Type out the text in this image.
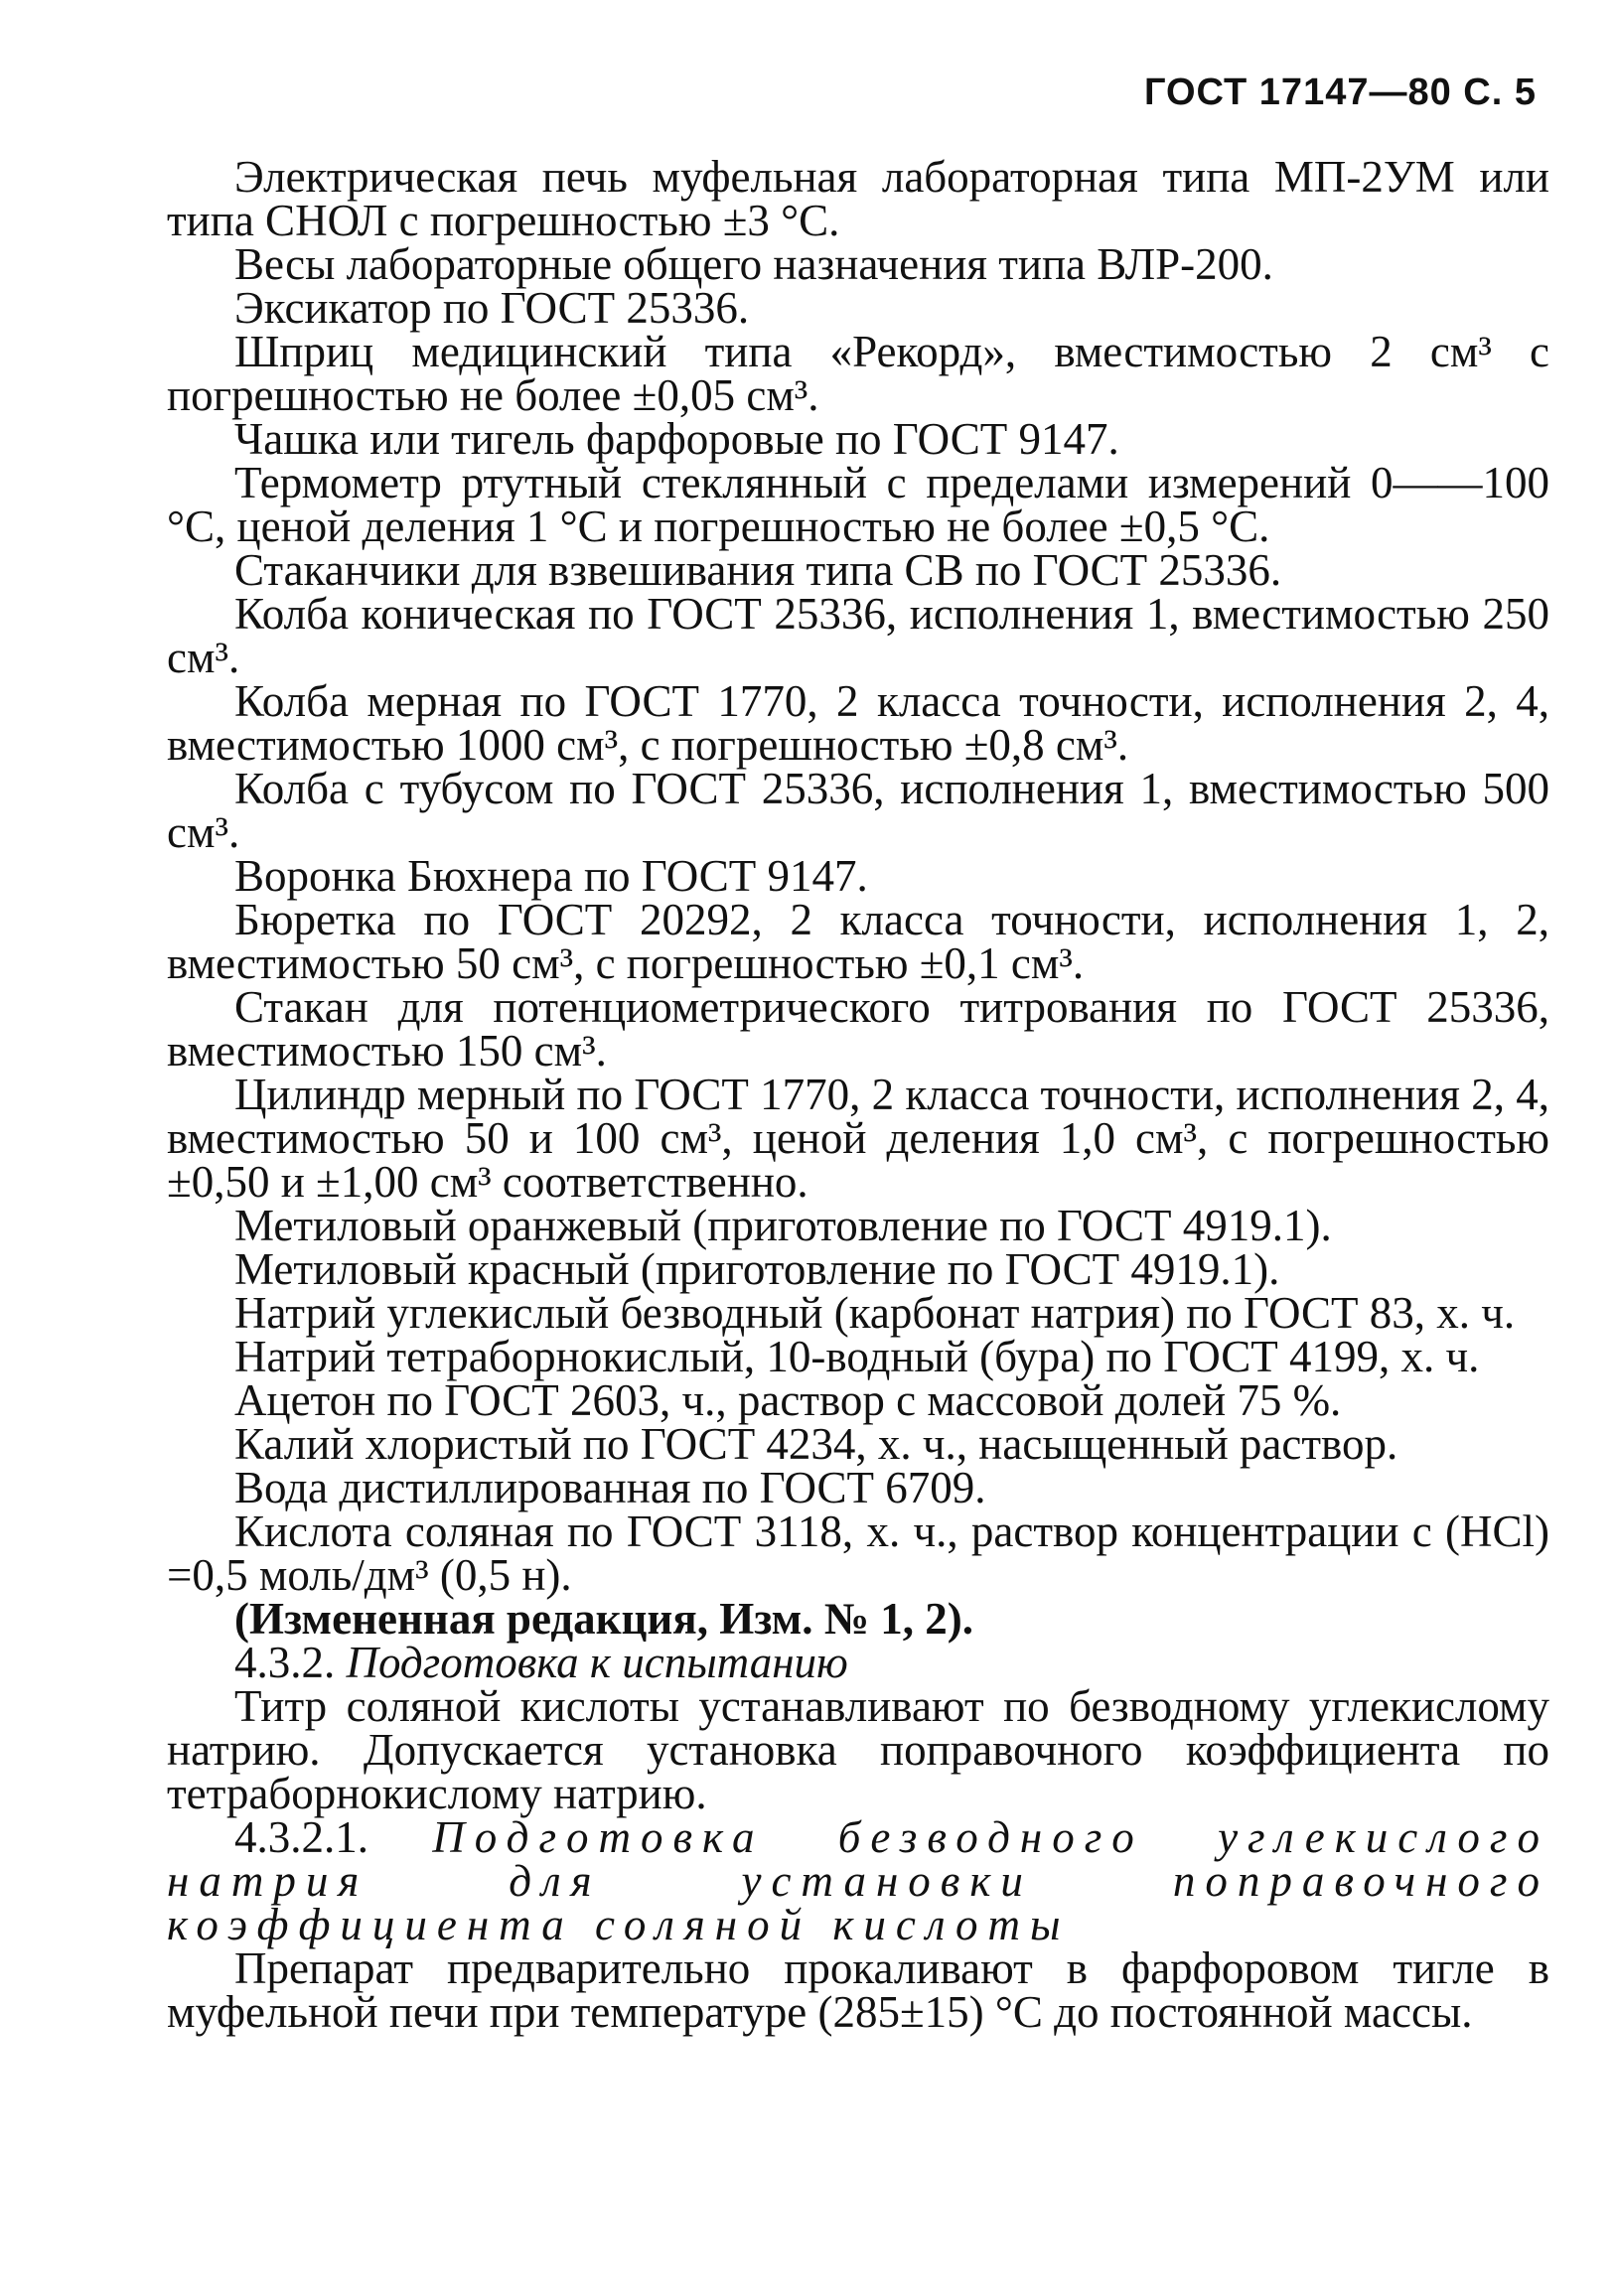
ГОСТ 17147—80 С. 5

Электрическая печь муфельная лабораторная типа МП-2УМ или типа СНОЛ с погрешностью ±3 °С.

Весы лабораторные общего назначения типа ВЛР-200.

Эксикатор по ГОСТ 25336.

Шприц медицинский типа «Рекорд», вместимостью 2 см³ с погрешностью не более ±0,05 см³.

Чашка или тигель фарфоровые по ГОСТ 9147.

Термометр ртутный стеклянный с пределами измерений 0——100 °С, ценой деления 1 °С и погрешностью не более ±0,5 °С.

Стаканчики для взвешивания типа СВ по ГОСТ 25336.

Колба коническая по ГОСТ 25336, исполнения 1, вместимостью 250 см³.

Колба мерная по ГОСТ 1770, 2 класса точности, исполнения 2, 4, вместимостью 1000 см³, с погрешностью ±0,8 см³.

Колба с тубусом по ГОСТ 25336, исполнения 1, вместимостью 500 см³.

Воронка Бюхнера по ГОСТ 9147.

Бюретка по ГОСТ 20292, 2 класса точности, исполнения 1, 2, вместимостью 50 см³, с погрешностью ±0,1 см³.

Стакан для потенциометрического титрования по ГОСТ 25336, вместимостью 150 см³.

Цилиндр мерный по ГОСТ 1770, 2 класса точности, исполнения 2, 4, вместимостью 50 и 100 см³, ценой деления 1,0 см³, с погрешностью ±0,50 и ±1,00 см³ соответственно.

Метиловый оранжевый (приготовление по ГОСТ 4919.1).

Метиловый красный (приготовление по ГОСТ 4919.1).

Натрий углекислый безводный (карбонат натрия) по ГОСТ 83, х. ч.

Натрий тетраборнокислый, 10-водный (бура) по ГОСТ 4199, х. ч.

Ацетон по ГОСТ 2603, ч., раствор с массовой долей 75 %.

Калий хлористый по ГОСТ 4234, х. ч., насыщенный раствор.

Вода дистиллированная по ГОСТ 6709.

Кислота соляная по ГОСТ 3118, х. ч., раствор концентрации с (HCl) =0,5 моль/дм³ (0,5 н).

(Измененная редакция, Изм. № 1, 2).

4.3.2. Подготовка к испытанию

Титр соляной кислоты устанавливают по безводному углекислому натрию. Допускается установка поправочного коэффициента по тетраборнокислому натрию.

4.3.2.1. Подготовка безводного углекислого натрия для установки поправочного коэффициента соляной кислоты

Препарат предварительно прокаливают в фарфоровом тигле в муфельной печи при температуре (285±15) °С до постоянной массы.
